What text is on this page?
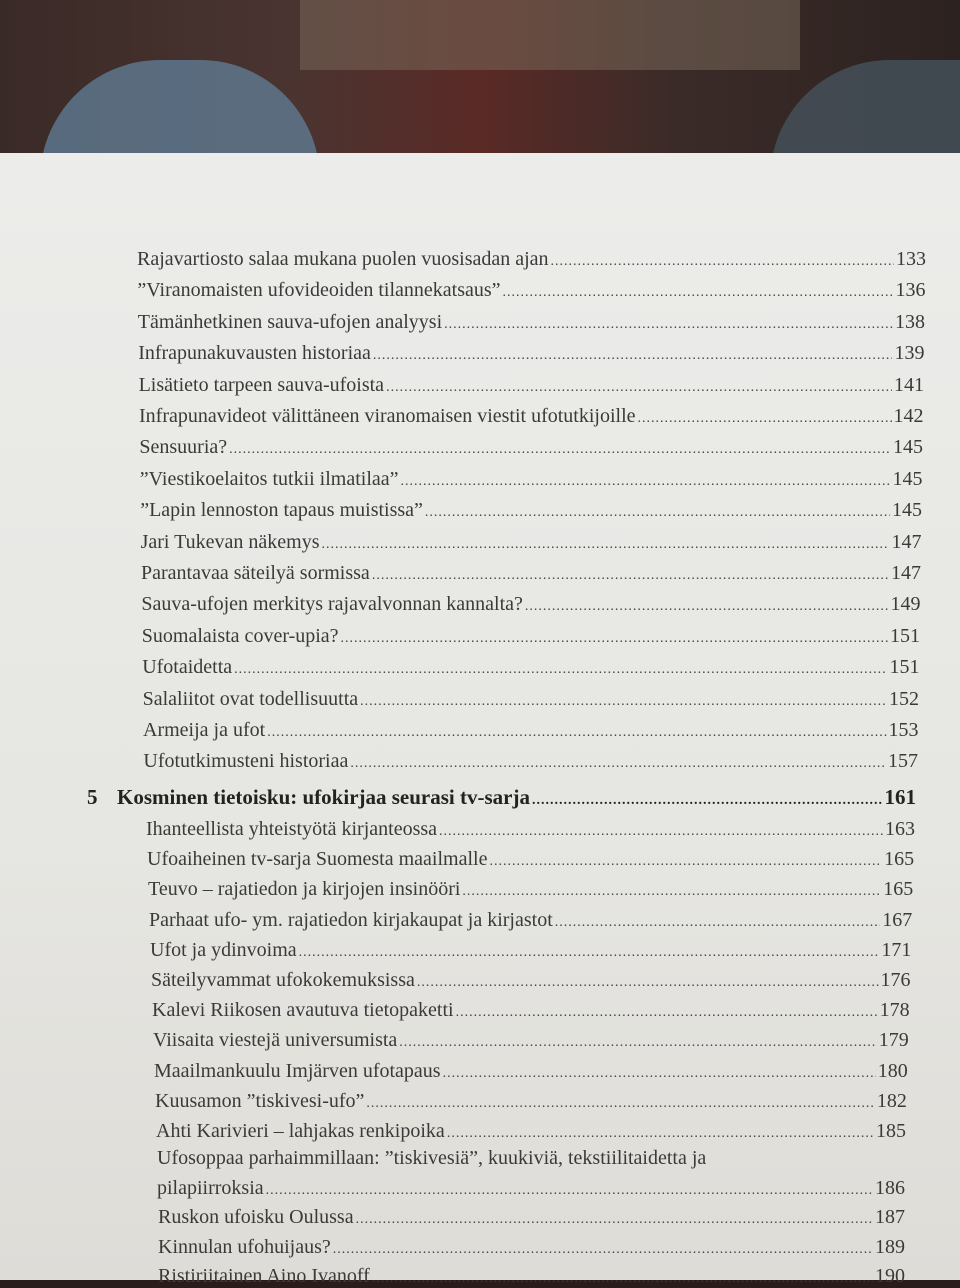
Rajavartiosto salaa mukana puolen vuosisadan ajan .....	133
”Viranomaisten ufovideoiden tilannekatsaus” .....	136
Tämänhetkinen sauva-ufojen analyysi .....	138
Infrapunakuvausten historiaa .....	139
Lisätieto tarpeen sauva-ufoista .....	141
Infrapunavideot välittäneen viranomaisen viestit ufotutkijoille .....	142
Sensuuria? .....	145
”Viestikoelaitos tutkii ilmatilaa” .....	145
”Lapin lennoston tapaus muistissa” .....	145
Jari Tukevan näkemys .....	147
Parantavaa säteilyä sormissa .....	147
Sauva-ufojen merkitys rajavalvonnan kannalta? .....	149
Suomalaista cover-upia? .....	151
Ufotaidetta .....	151
Salaliitot ovat todellisuutta .....	152
Armeija ja ufot .....	153
Ufotutkimusteni historiaa .....	157
5 Kosminen tietoisku: ufokirjaa seurasi tv-sarja .....	161
Ihanteellista yhteistyötä kirjanteossa .....	163
Ufoaiheinen tv-sarja Suomesta maailmalle .....	165
Teuvo – rajatiedon ja kirjojen insinööri .....	165
Parhaat ufo- ym. rajatiedon kirjakaupat ja kirjastot .....	167
Ufot ja ydinvoima .....	171
Säteilyvammat ufokokemuksissa .....	176
Kalevi Riikosen avautuva tietopaketti .....	178
Viisaita viestejä universumista .....	179
Maailmankuulu Imjärven ufotapaus .....	180
Kuusamon ”tiskivesi-ufo” .....	182
Ahti Karivieri – lahjakas renkipoika .....	185
Ufosoppaa parhaimmillaan: ”tiskivesiä”, kuukiviä, tekstiilitaidetta ja
pilapiirroksia .....	186
Ruskon ufoisku Oulussa .....	187
Kinnulan ufohuijaus? .....	189
Ristiriitainen Aino Ivanoff .....	190
